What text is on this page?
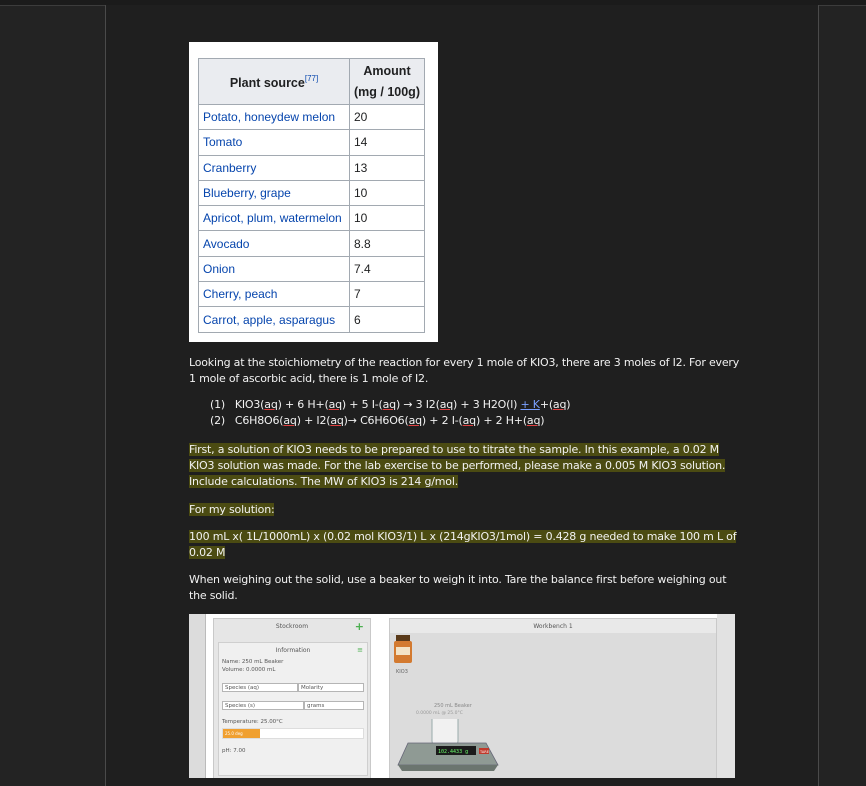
Plant source[77]	Amount
(mg / 100g)
Potato, honeydew melon	20
Tomato	14
Cranberry	13
Blueberry, grape	10
Apricot, plum, watermelon	10
Avocado	8.8
Onion	7.4
Cherry, peach	7
Carrot, apple, asparagus	6
Looking at the stoichiometry of the reaction for every 1 mole of KIO3, there are 3 moles of I2. For every
1 mole of ascorbic acid, there is 1 mole of I2.
(1)   KIO3(aq) + 6 H+(aq) + 5 I-(aq) → 3 I2(aq) + 3 H2O(l) + K+(aq)
(2)   C6H8O6(aq) + I2(aq)→ C6H6O6(aq) + 2 I-(aq) + 2 H+(aq)
First, a solution of KIO3 needs to be prepared to use to titrate the sample. In this example, a 0.02 M
KIO3 solution was made. For the lab exercise to be performed, please make a 0.005 M KIO3 solution.
Include calculations. The MW of KIO3 is 214 g/mol.
For my solution:
100 mL x( 1L/1000mL) x (0.02 mol KIO3/1) L x (214gKIO3/1mol) = 0.428 g needed to make 100 m L of
0.02 M
When weighing out the solid, use a beaker to weigh it into. Tare the balance first before weighing out
the solid.
Stockroom	+
Information	≡
Name: 250 mL Beaker
Volume: 0.0000 mL
Species (aq)	Molarity
Species (s)	grams
Temperature: 25.00°C
25.0 deg
pH: 7.00
Workbench 1
KIO3
250 mL Beaker
0.0000 mL @ 25.0°C
102.4433 g	TARE
